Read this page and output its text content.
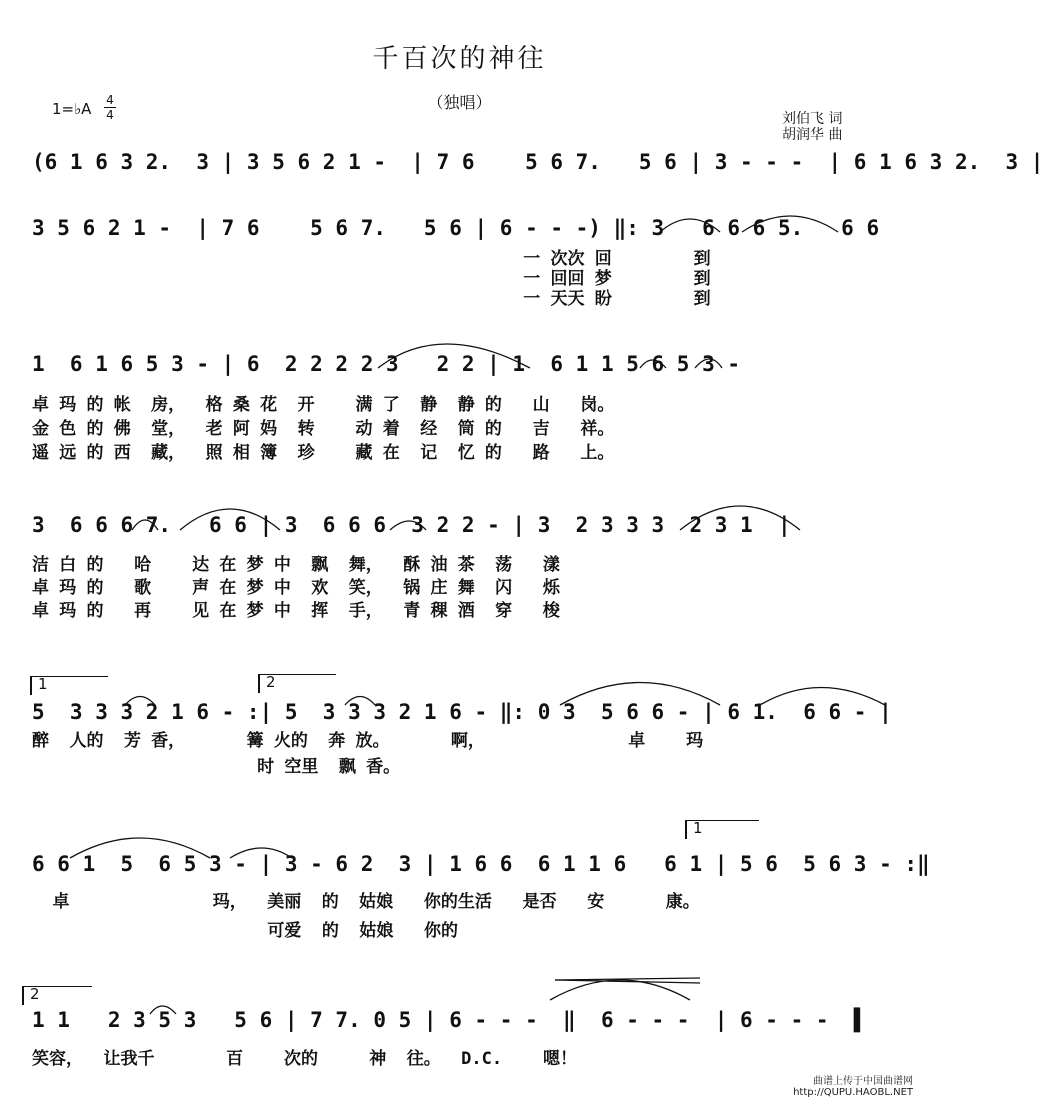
千百次的神往
（独唱）
1=♭A 4
4	刘伯飞 词
胡润华 曲
(6 1 6 3 2.  3 | 3 5 6 2 1 -  | 7 6    5 6 7.   5 6 | 3 - - -  | 6 1 6 3 2.  3 |
3 5 6 2 1 -  | 7 6    5 6 7.   5 6 | 6 - - -) ‖: 3   6 6 6 5.   6 6
一 次次 回        到
一 回回 梦        到
一 天天 盼        到
1  6 1 6 5 3 - | 6  2 2 2 2 3   2 2 | 1  6 1 1 5 6 5 3 -
卓 玛 的 帐  房，  格 桑 花  开    满 了  静  静 的   山   岗。
金 色 的 佛  堂，  老 阿 妈  转    动 着  经  筒 的   吉   祥。
遥 远 的 西  藏，  照 相 簿  珍    藏 在  记  忆 的   路   上。
3  6 6 6 7.   6 6 | 3  6 6 6  3 2 2 - | 3  2 3 3 3  2 3 1  |
洁 白 的   哈    达 在 梦 中  飘  舞，  酥 油 茶  荡   漾
卓 玛 的   歌    声 在 梦 中  欢  笑，  锅 庄 舞  闪   烁
卓 玛 的   再    见 在 梦 中  挥  手，  青 稞 酒  穿   梭
1	2
5  3 3 3 2 1 6 - :| 5  3 3 3 2 1 6 - ‖: 0 3  5 6 6 - | 6 1.  6 6 - |
醉  人的  芳 香，      篝 火的  奔 放。      啊，              卓    玛
时 空里  飘 香。
1
6 6 1  5  6 5 3 - | 3 - 6 2  3 | 1 6 6  6 1 1 6   6 1 | 5 6  5 6 3 - :‖
卓              玛，  美丽  的  姑娘   你的生活   是否   安      康。
可爱  的  姑娘   你的
2
1 1   2 3 5 3   5 6 | 7 7. 0 5 | 6 - - -  ‖  6 - - -  | 6 - - -  ▌
笑容，  让我千       百    次的     神  往。  D.C.    嗯！
曲谱上传于中国曲谱网
http://QUPU.HAOBL.NET
